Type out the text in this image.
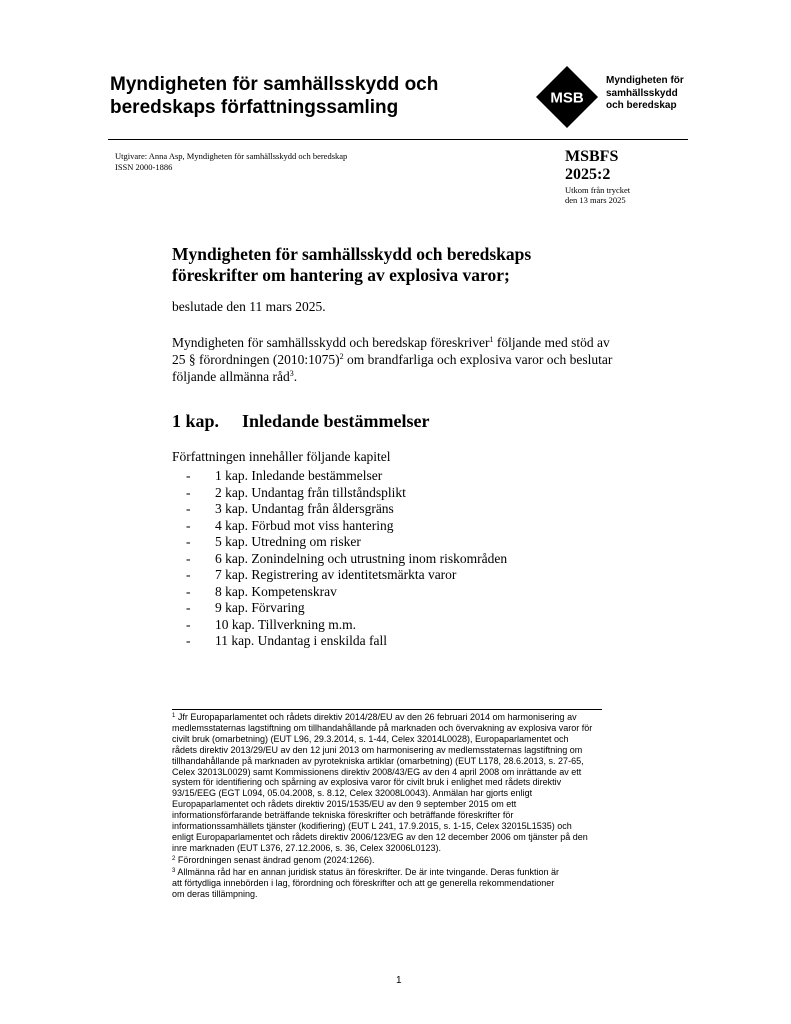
Myndigheten för samhällsskydd och
beredskaps författningssamling	MSB
Myndigheten för
samhällsskydd
och beredskap
Utgivare: Anna Asp, Myndigheten för samhällsskydd och beredskap
ISSN 2000-1886
MSBFS
2025:2
Utkom från trycket
den 13 mars 2025
Myndigheten för samhällsskydd och beredskaps
föreskrifter om hantering av explosiva varor;
beslutade den 11 mars 2025.
Myndigheten för samhällsskydd och beredskap föreskriver$^1$ följande med stöd av
25 § förordningen (2010:1075)$^2$ om brandfarliga och explosiva varor och beslutar
följande allmänna råd$^3$.
1 kap. Inledande bestämmelser
Författningen innehåller följande kapitel
- 1 kap. Inledande bestämmelser
- 2 kap. Undantag från tillståndsplikt
- 3 kap. Undantag från åldersgräns
- 4 kap. Förbud mot viss hantering
- 5 kap. Utredning om risker
- 6 kap. Zonindelning och utrustning inom riskområden
- 7 kap. Registrering av identitetsmärkta varor
- 8 kap. Kompetenskrav
- 9 kap. Förvaring
- 10 kap. Tillverkning m.m.
- 11 kap. Undantag i enskilda fall
$^1$ Jfr Europaparlamentet och rådets direktiv 2014/28/EU av den 26 februari 2014 om harmonisering av
medlemsstaternas lagstiftning om tillhandahållande på marknaden och övervakning av explosiva varor för
civilt bruk (omarbetning) (EUT L96, 29.3.2014, s. 1-44, Celex 32014L0028), Europaparlamentet och
rådets direktiv 2013/29/EU av den 12 juni 2013 om harmonisering av medlemsstaternas lagstiftning om
tillhandahållande på marknaden av pyrotekniska artiklar (omarbetning) (EUT L178, 28.6.2013, s. 27-65,
Celex 32013L0029) samt Kommissionens direktiv 2008/43/EG av den 4 april 2008 om inrättande av ett
system för identifiering och spårning av explosiva varor för civilt bruk i enlighet med rådets direktiv
93/15/EEG (EGT L094, 05.04.2008, s. 8.12, Celex 32008L0043). Anmälan har gjorts enligt
Europaparlamentet och rådets direktiv 2015/1535/EU av den 9 september 2015 om ett
informationsförfarande beträffande tekniska föreskrifter och beträffande föreskrifter för
informationssamhällets tjänster (kodifiering) (EUT L 241, 17.9.2015, s. 1-15, Celex 32015L1535) och
enligt Europaparlamentet och rådets direktiv 2006/123/EG av den 12 december 2006 om tjänster på den
inre marknaden (EUT L376, 27.12.2006, s. 36, Celex 32006L0123).
$^2$ Förordningen senast ändrad genom (2024:1266).
$^3$ Allmänna råd har en annan juridisk status än föreskrifter. De är inte tvingande. Deras funktion är
att förtydliga innebörden i lag, förordning och föreskrifter och att ge generella rekommendationer
om deras tillämpning.
1
